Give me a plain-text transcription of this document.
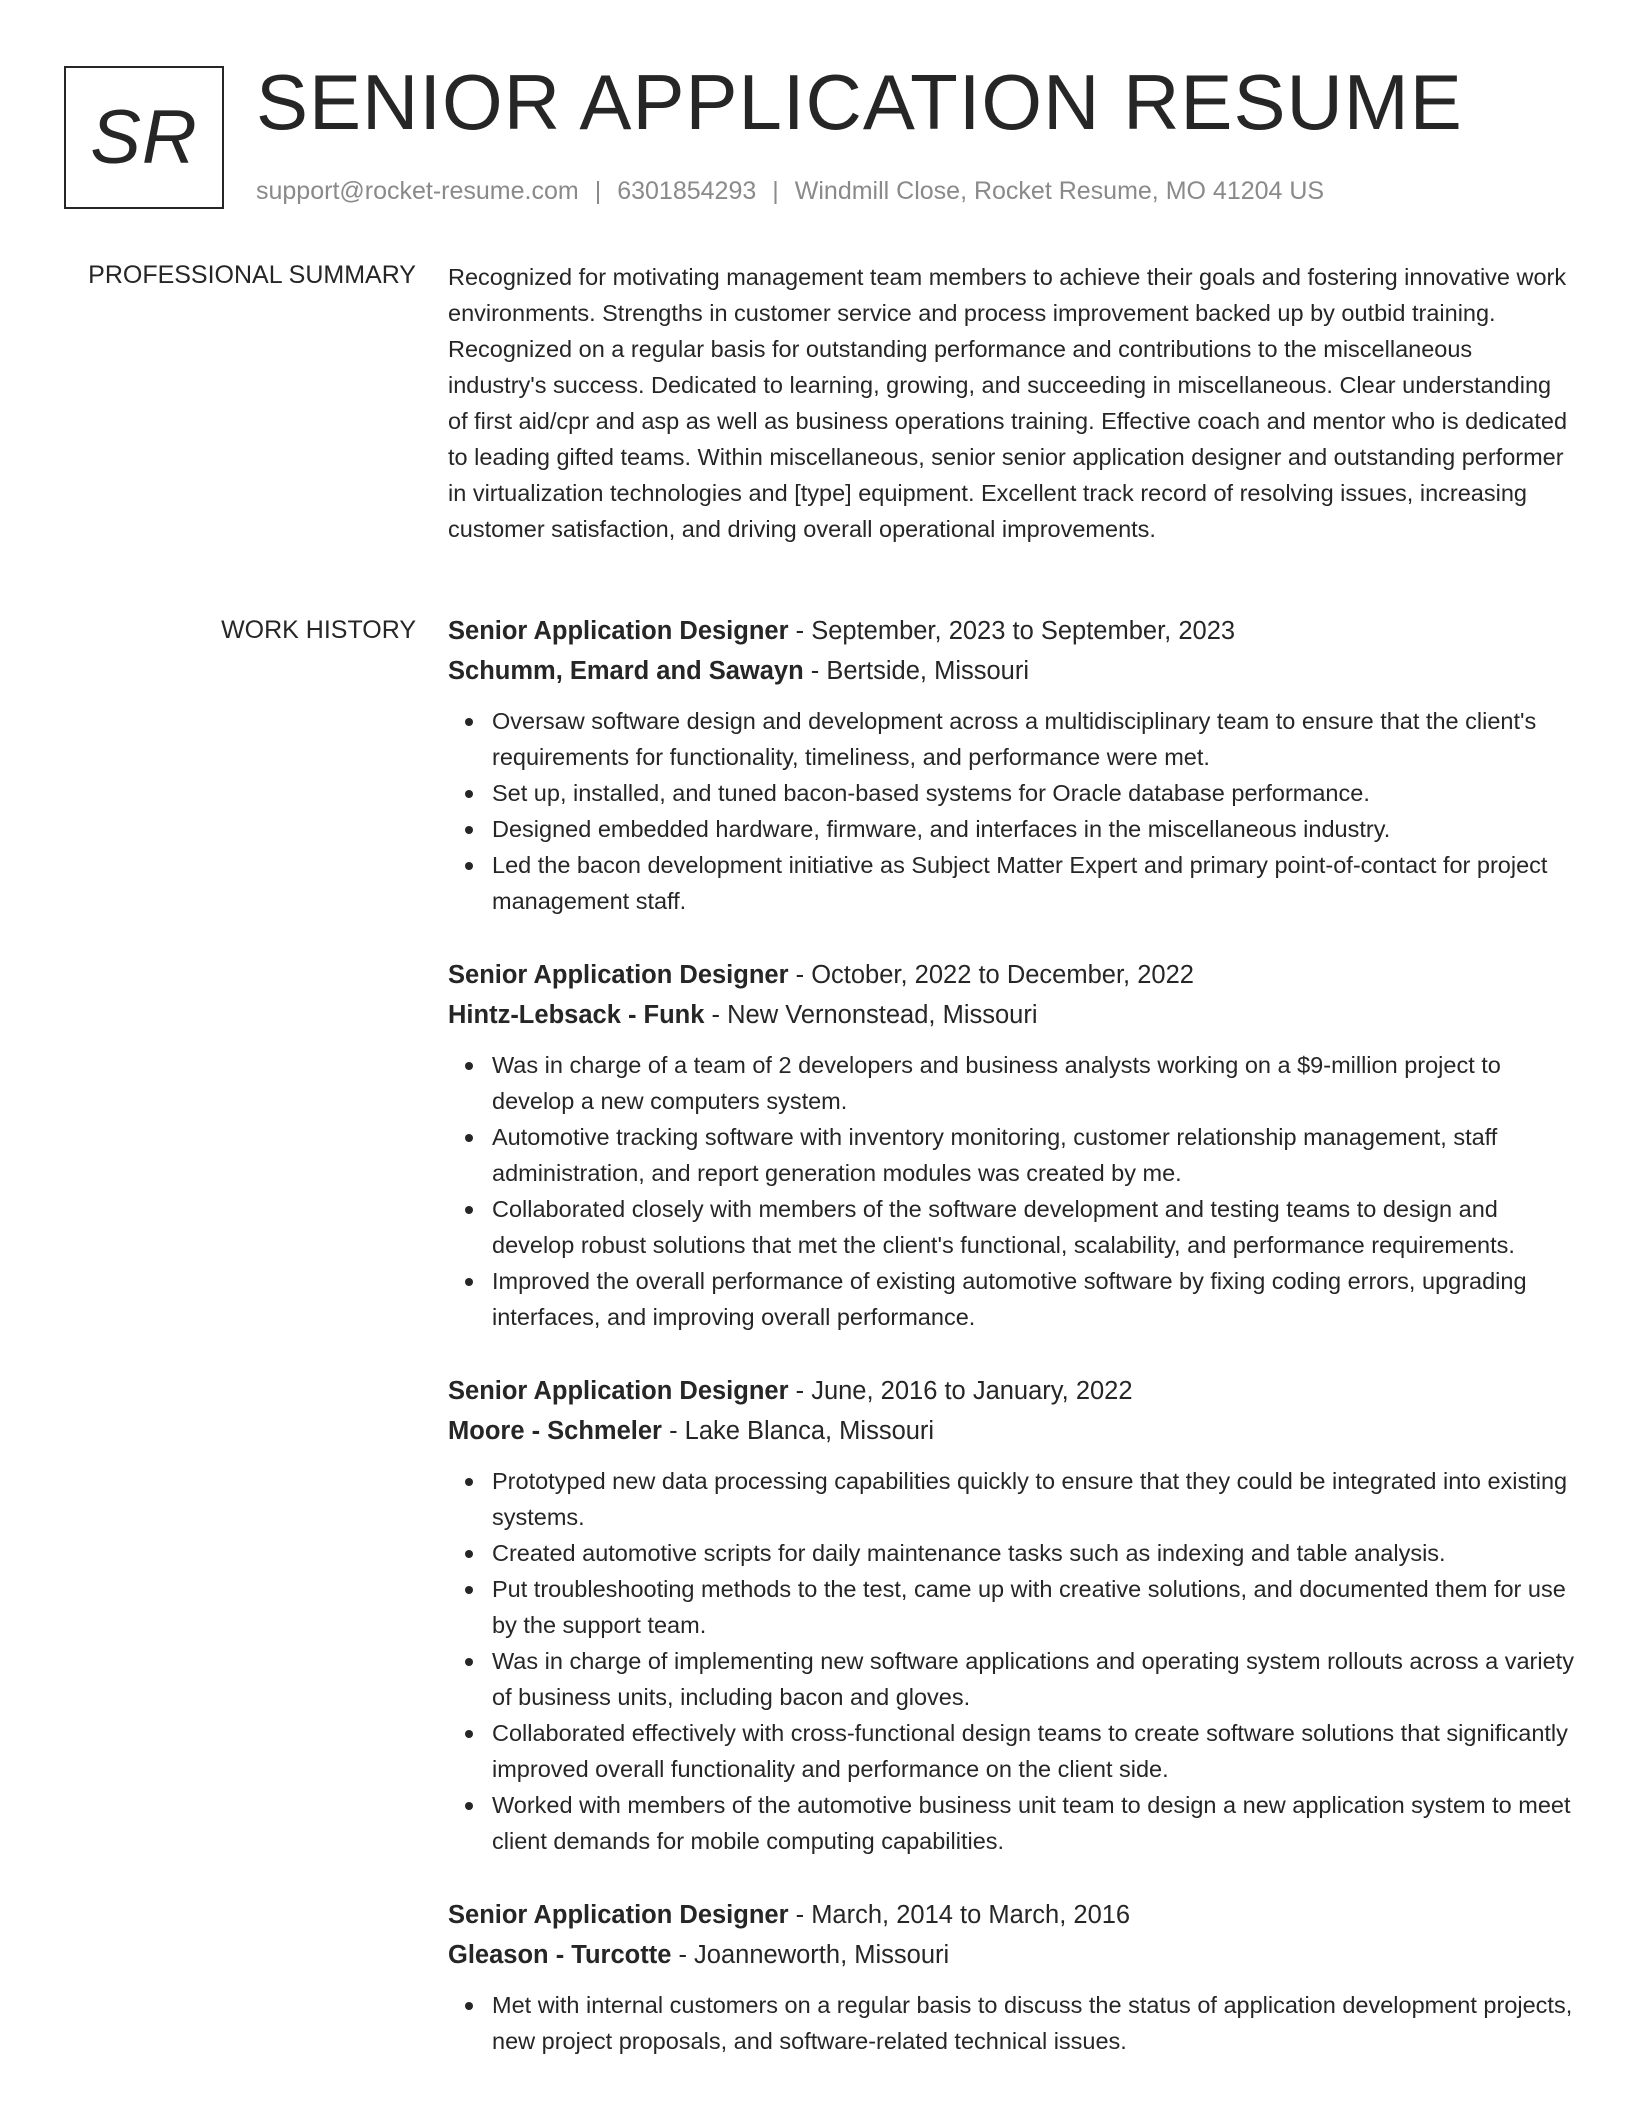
SR SENIOR APPLICATION RESUME
support@rocket-resume.com | 6301854293 | Windmill Close, Rocket Resume, MO 41204 US
PROFESSIONAL SUMMARY Recognized for motivating management team members to achieve their goals and fostering innovative work environments. Strengths in customer service and process improvement backed up by outbid training. Recognized on a regular basis for outstanding performance and contributions to the miscellaneous industry's success. Dedicated to learning, growing, and succeeding in miscellaneous. Clear understanding of first aid/cpr and asp as well as business operations training. Effective coach and mentor who is dedicated to leading gifted teams. Within miscellaneous, senior senior application designer and outstanding performer in virtualization technologies and [type] equipment. Excellent track record of resolving issues, increasing customer satisfaction, and driving overall operational improvements.

WORK HISTORY Senior Application Designer - September, 2023 to September, 2023
Schumm, Emard and Sawayn - Bertside, Missouri
Oversaw software design and development across a multidisciplinary team to ensure that the client's requirements for functionality, timeliness, and performance were met.
Set up, installed, and tuned bacon-based systems for Oracle database performance.
Designed embedded hardware, firmware, and interfaces in the miscellaneous industry.
Led the bacon development initiative as Subject Matter Expert and primary point-of-contact for project management staff.
Senior Application Designer - October, 2022 to December, 2022
Hintz-Lebsack - Funk - New Vernonstead, Missouri
Was in charge of a team of 2 developers and business analysts working on a $9-million project to develop a new computers system.
Automotive tracking software with inventory monitoring, customer relationship management, staff administration, and report generation modules was created by me.
Collaborated closely with members of the software development and testing teams to design and develop robust solutions that met the client's functional, scalability, and performance requirements.
Improved the overall performance of existing automotive software by fixing coding errors, upgrading interfaces, and improving overall performance.
Senior Application Designer - June, 2016 to January, 2022
Moore - Schmeler - Lake Blanca, Missouri
Prototyped new data processing capabilities quickly to ensure that they could be integrated into existing systems.
Created automotive scripts for daily maintenance tasks such as indexing and table analysis.
Put troubleshooting methods to the test, came up with creative solutions, and documented them for use by the support team.
Was in charge of implementing new software applications and operating system rollouts across a variety of business units, including bacon and gloves.
Collaborated effectively with cross-functional design teams to create software solutions that significantly improved overall functionality and performance on the client side.
Worked with members of the automotive business unit team to design a new application system to meet client demands for mobile computing capabilities.
Senior Application Designer - March, 2014 to March, 2016
Gleason - Turcotte - Joanneworth, Missouri
Met with internal customers on a regular basis to discuss the status of application development projects, new project proposals, and software-related technical issues.
